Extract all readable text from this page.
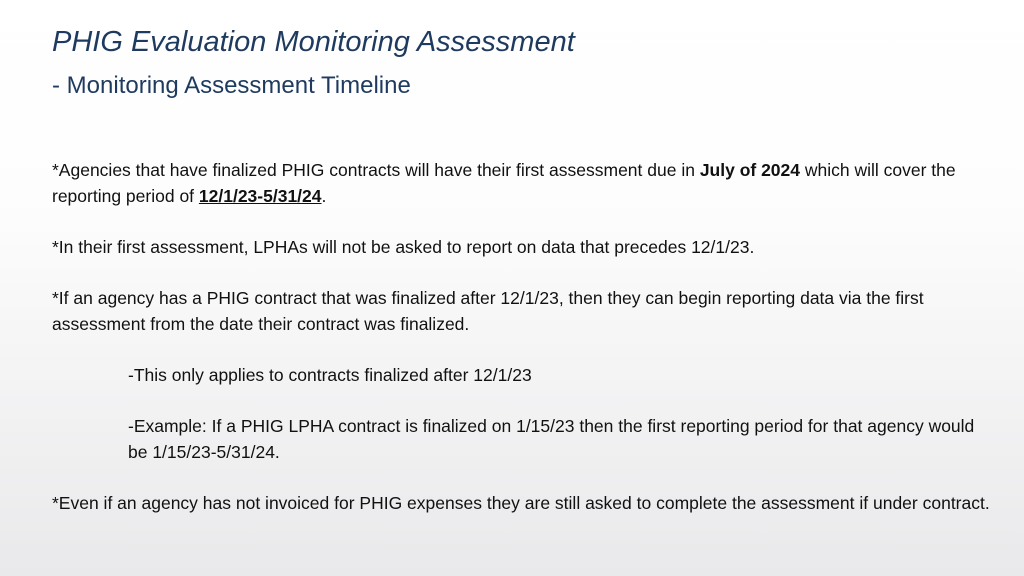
PHIG Evaluation Monitoring Assessment
- Monitoring Assessment Timeline

*Agencies that have finalized PHIG contracts will have their first assessment due in July of 2024 which will cover the reporting period of 12/1/23-5/31/24.

*In their first assessment, LPHAs will not be asked to report on data that precedes 12/1/23.

*If an agency has a PHIG contract that was finalized after 12/1/23, then they can begin reporting data via the first assessment from the date their contract was finalized.

-This only applies to contracts finalized after 12/1/23

-Example: If a PHIG LPHA contract is finalized on 1/15/23 then the first reporting period for that agency would be 1/15/23-5/31/24.

*Even if an agency has not invoiced for PHIG expenses they are still asked to complete the assessment if under contract.
